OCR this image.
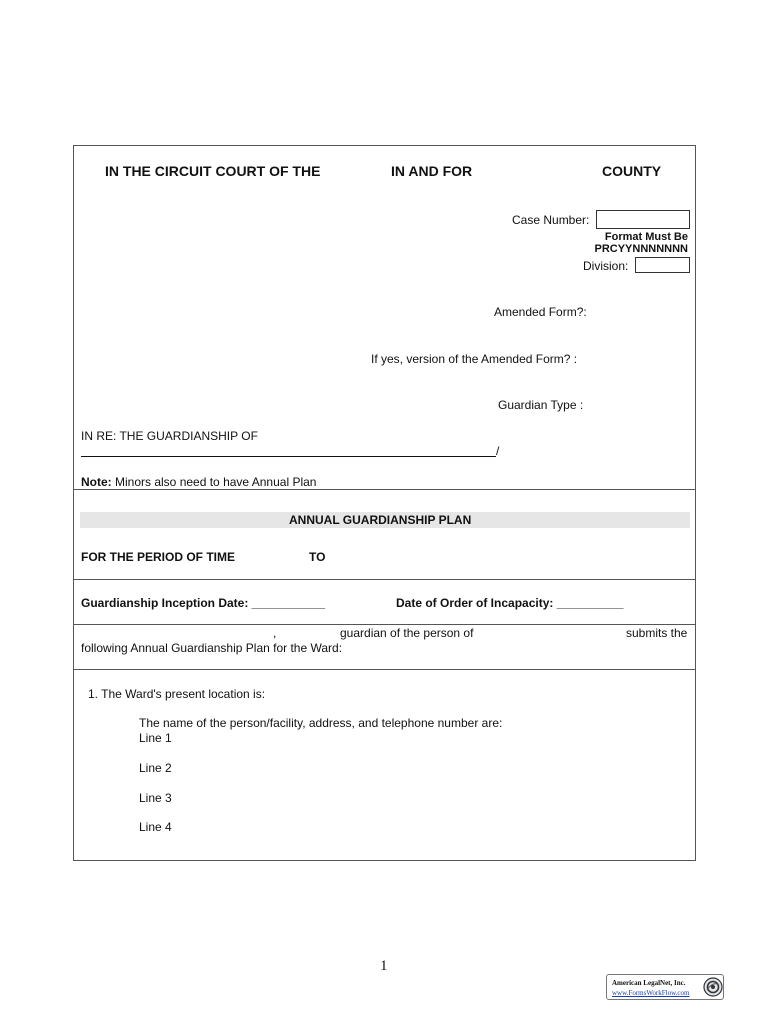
IN THE CIRCUIT COURT OF THE	IN AND FOR	COUNTY
Case Number:
Format Must Be
PRCYYNNNNNNN
Division:
Amended Form?:
If yes, version of the Amended Form? :
Guardian Type :
IN RE: THE GUARDIANSHIP OF
/
Note: Minors also need to have Annual Plan
ANNUAL GUARDIANSHIP PLAN
FOR THE PERIOD OF TIME	TO
Guardianship Inception Date: ___________	Date of Order of Incapacity: __________
,	guardian of the person of	submits the
following Annual Guardianship Plan for the Ward:
1. The Ward's present location is:
The name of the person/facility, address, and telephone number are:
Line 1
Line 2
Line 3
Line 4
1
American LegalNet, Inc.
www.FormsWorkFlow.com
